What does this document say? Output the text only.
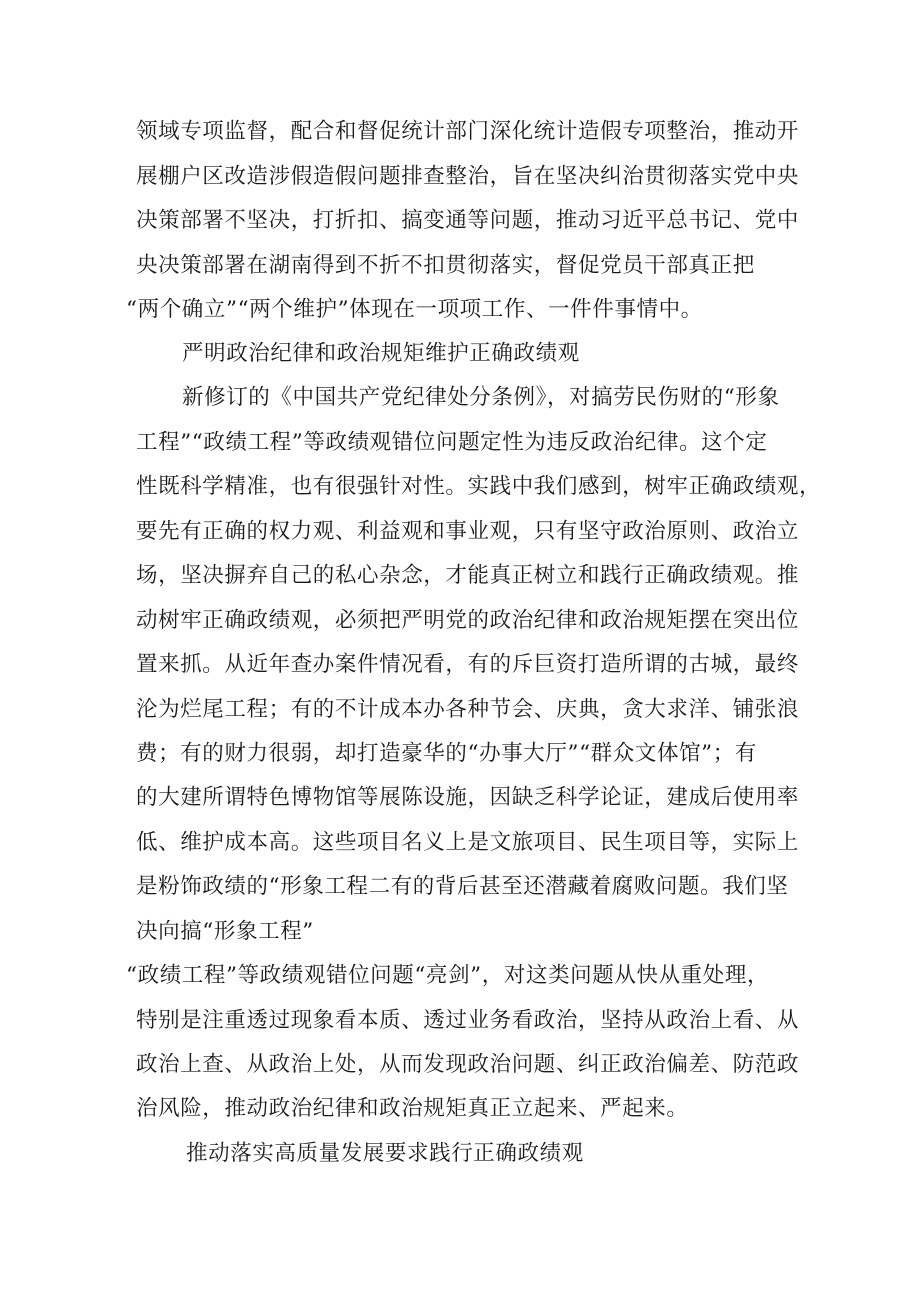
领域专项监督，配合和督促统计部门深化统计造假专项整治，推动开
展棚户区改造涉假造假问题排查整治，旨在坚决纠治贯彻落实党中央
决策部署不坚决，打折扣、搞变通等问题，推动习近平总书记、党中
央决策部署在湖南得到不折不扣贯彻落实，督促党员干部真正把
“两个确立”“两个维护”体现在一项项工作、一件件事情中。
严明政治纪律和政治规矩维护正确政绩观
新修订的《中国共产党纪律处分条例》，对搞劳民伤财的“形象
工程”“政绩工程”等政绩观错位问题定性为违反政治纪律。这个定
性既科学精准，也有很强针对性。实践中我们感到，树牢正确政绩观，
要先有正确的权力观、利益观和事业观，只有坚守政治原则、政治立
场，坚决摒弃自己的私心杂念，才能真正树立和践行正确政绩观。推
动树牢正确政绩观，必须把严明党的政治纪律和政治规矩摆在突出位
置来抓。从近年查办案件情况看，有的斥巨资打造所谓的古城，最终
沦为烂尾工程；有的不计成本办各种节会、庆典，贪大求洋、铺张浪
费；有的财力很弱，却打造豪华的“办事大厅”“群众文体馆”；有
的大建所谓特色博物馆等展陈设施，因缺乏科学论证，建成后使用率
低、维护成本高。这些项目名义上是文旅项目、民生项目等，实际上
是粉饰政绩的“形象工程二有的背后甚至还潜藏着腐败问题。我们坚
决向搞“形象工程”
“政绩工程”等政绩观错位问题“亮剑”，对这类问题从快从重处理，
特别是注重透过现象看本质、透过业务看政治，坚持从政治上看、从
政治上查、从政治上处，从而发现政治问题、纠正政治偏差、防范政
治风险，推动政治纪律和政治规矩真正立起来、严起来。
推动落实高质量发展要求践行正确政绩观
